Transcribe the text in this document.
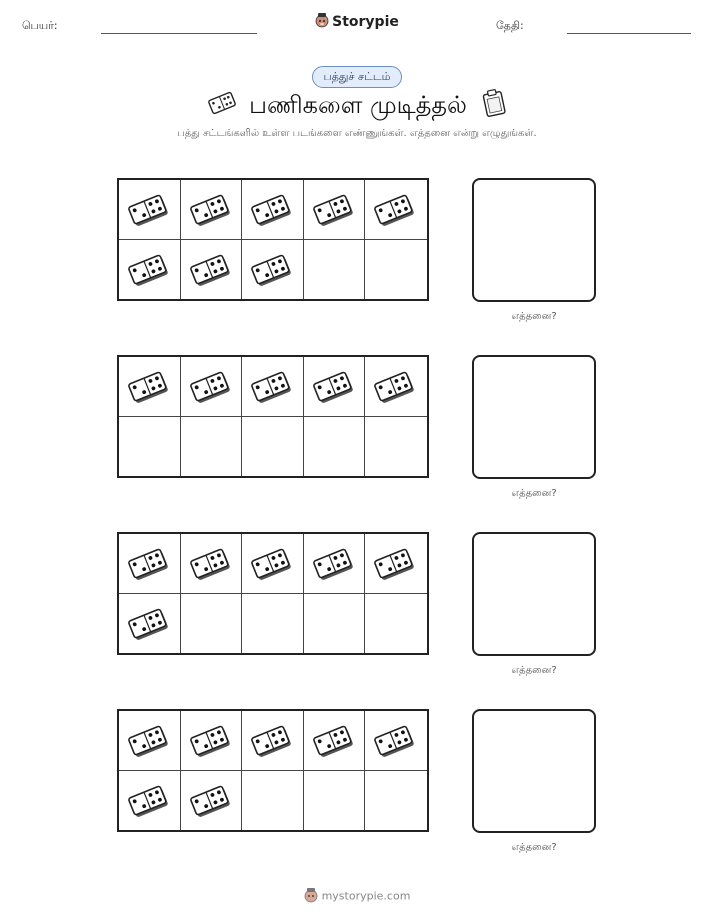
பெயர்:	Storypie	தேதி:
பத்துச் சட்டம்
பணிகளை முடித்தல்
பத்து சட்டங்களில் உள்ள படங்களை எண்ணுங்கள். எத்தனை என்று எழுதுங்கள்.
எத்தனை?
எத்தனை?
எத்தனை?
எத்தனை?
mystorypie.com
